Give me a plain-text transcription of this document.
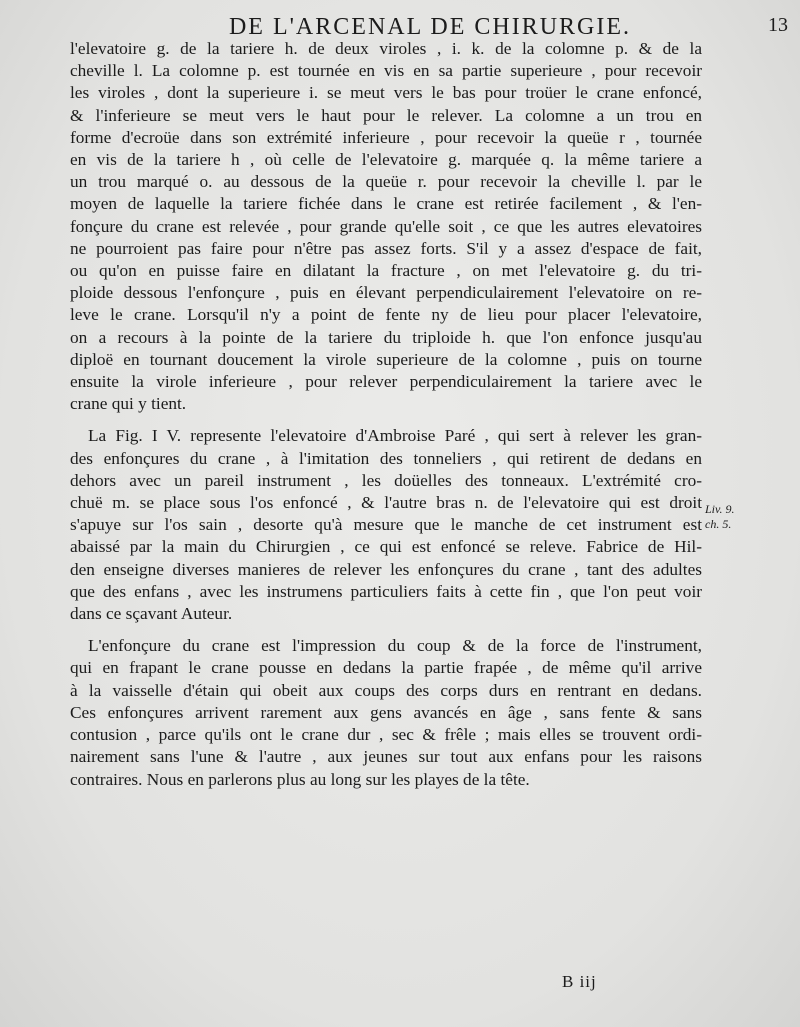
DE L'ARCENAL DE CHIRURGIE.	13
l'elevatoire g. de la tariere h. de deux viroles , i. k. de la colomne p. & de la
cheville l. La colomne p. est tournée en vis en sa partie superieure , pour recevoir
les viroles , dont la superieure i. se meut vers le bas pour troüer le crane enfoncé,
& l'inferieure se meut vers le haut pour le relever. La colomne a un trou en
forme d'ecroüe dans son extrémité inferieure , pour recevoir la queüe r , tournée
en vis de la tariere h , où celle de l'elevatoire g. marquée q. la même tariere a
un trou marqué o. au dessous de la queüe r. pour recevoir la cheville l. par le
moyen de laquelle la tariere fichée dans le crane est retirée facilement , & l'en-
fonçure du crane est relevée , pour grande qu'elle soit , ce que les autres elevatoires
ne pourroient pas faire pour n'être pas assez forts. S'il y a assez d'espace de fait,
ou qu'on en puisse faire en dilatant la fracture , on met l'elevatoire g. du tri-
ploide dessous l'enfonçure , puis en élevant perpendiculairement l'elevatoire on re-
leve le crane. Lorsqu'il n'y a point de fente ny de lieu pour placer l'elevatoire,
on a recours à la pointe de la tariere du triploide h. que l'on enfonce jusqu'au
diploë en tournant doucement la virole superieure de la colomne , puis on tourne
ensuite la virole inferieure , pour relever perpendiculairement la tariere avec le
crane qui y tient.
La Fig. I V. represente l'elevatoire d'Ambroise Paré , qui sert à relever les gran-
des enfonçures du crane , à l'imitation des tonneliers , qui retirent de dedans en
dehors avec un pareil instrument , les doüelles des tonneaux. L'extrémité cro-
chuë m. se place sous l'os enfoncé , & l'autre bras n. de l'elevatoire qui est droit
s'apuye sur l'os sain , desorte qu'à mesure que le manche de cet instrument est
abaissé par la main du Chirurgien , ce qui est enfoncé se releve. Fabrice de Hil-
den enseigne diverses manieres de relever les enfonçures du crane , tant des adultes
que des enfans , avec les instrumens particuliers faits à cette fin , que l'on peut voir
dans ce sçavant Auteur.
L'enfonçure du crane est l'impression du coup & de la force de l'instrument,
qui en frapant le crane pousse en dedans la partie frapée , de même qu'il arrive
à la vaisselle d'étain qui obeit aux coups des corps durs en rentrant en dedans.
Ces enfonçures arrivent rarement aux gens avancés en âge , sans fente & sans
contusion , parce qu'ils ont le crane dur , sec & frêle ; mais elles se trouvent ordi-
nairement sans l'une & l'autre , aux jeunes sur tout aux enfans pour les raisons
contraires. Nous en parlerons plus au long sur les playes de la tête.
Liv. 9.
ch. 5.
B iij
